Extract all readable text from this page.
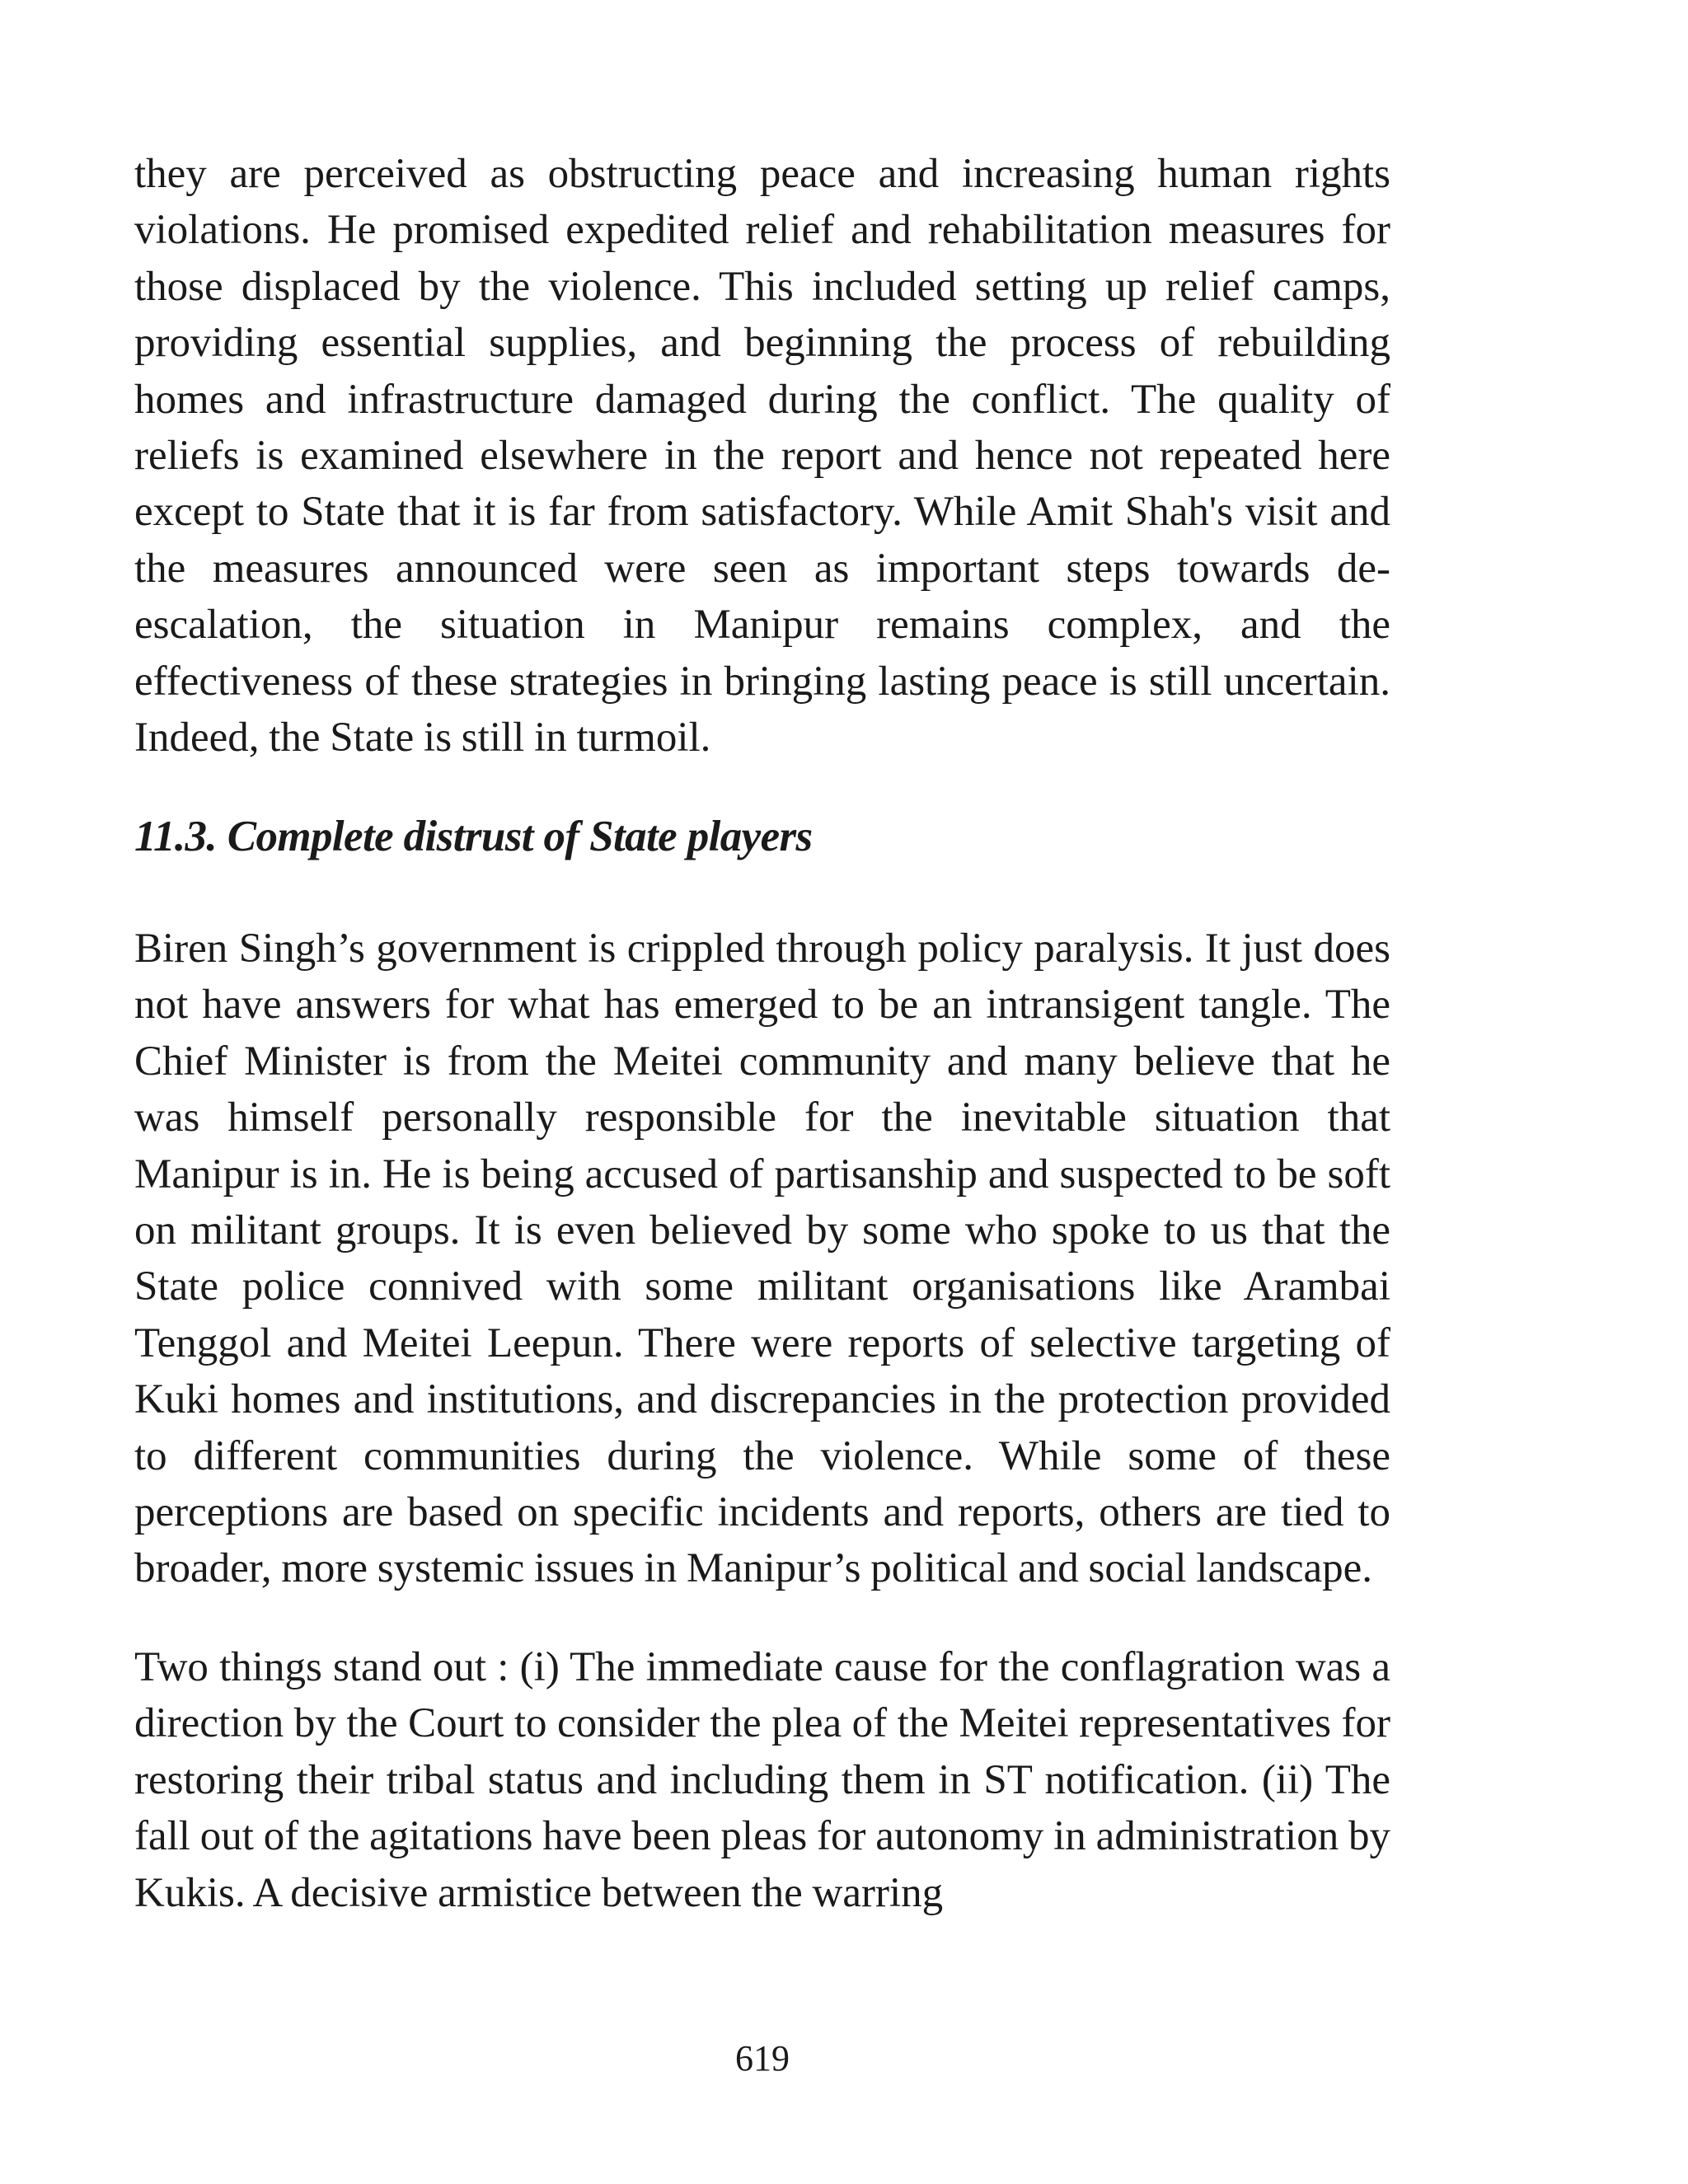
they are perceived as obstructing peace and increasing human rights violations. He promised expedited relief and rehabilitation measures for those displaced by the violence. This included setting up relief camps, providing essential supplies, and beginning the process of rebuilding homes and infrastructure damaged during the conflict. The quality of reliefs is examined elsewhere in the report and hence not repeated here except to State that it is far from satisfactory. While Amit Shah's visit and the measures announced were seen as important steps towards de-escalation, the situation in Manipur remains complex, and the effectiveness of these strategies in bringing lasting peace is still uncertain. Indeed, the State is still in turmoil.

11.3. Complete distrust of State players

Biren Singh’s government is crippled through policy paralysis. It just does not have answers for what has emerged to be an intransigent tangle. The Chief Minister is from the Meitei community and many believe that he was himself personally responsible for the inevitable situation that Manipur is in. He is being accused of partisanship and suspected to be soft on militant groups. It is even believed by some who spoke to us that the State police connived with some militant organisations like Arambai Tenggol and Meitei Leepun. There were reports of selective targeting of Kuki homes and institutions, and discrepancies in the protection provided to different communities during the violence. While some of these perceptions are based on specific incidents and reports, others are tied to broader, more systemic issues in Manipur’s political and social landscape.

Two things stand out : (i) The immediate cause for the conflagration was a direction by the Court to consider the plea of the Meitei representatives for restoring their tribal status and including them in ST notification. (ii) The fall out of the agitations have been pleas for autonomy in administration by Kukis. A decisive armistice between the warring

619
